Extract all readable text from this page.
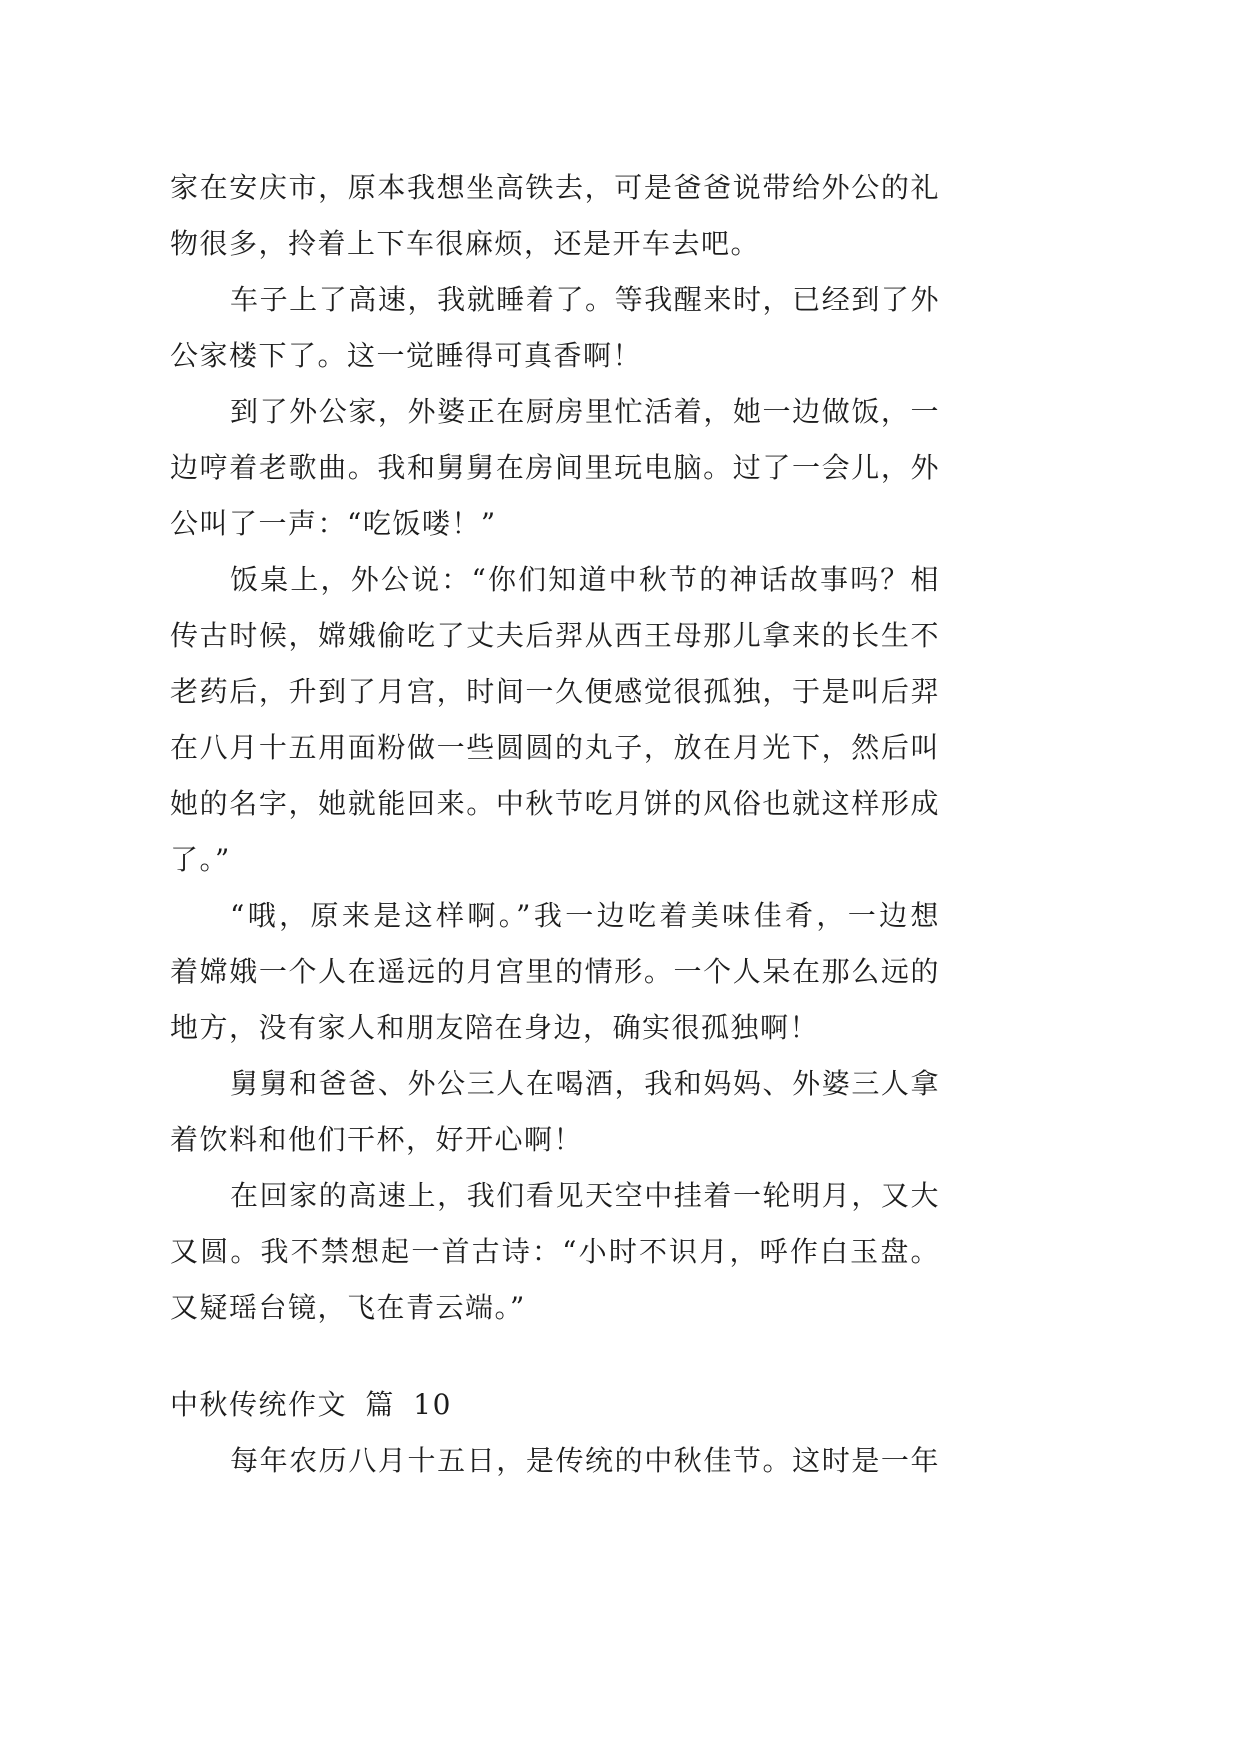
家在安庆市，原本我想坐高铁去，可是爸爸说带给外公的礼
物很多，拎着上下车很麻烦，还是开车去吧。
车子上了高速，我就睡着了。等我醒来时，已经到了外
公家楼下了。这一觉睡得可真香啊！
到了外公家，外婆正在厨房里忙活着，她一边做饭，一
边哼着老歌曲。我和舅舅在房间里玩电脑。过了一会儿，外
公叫了一声：“吃饭喽！”
饭桌上，外公说：“你们知道中秋节的神话故事吗？相
传古时候，嫦娥偷吃了丈夫后羿从西王母那儿拿来的长生不
老药后，升到了月宫，时间一久便感觉很孤独，于是叫后羿
在八月十五用面粉做一些圆圆的丸子，放在月光下，然后叫
她的名字，她就能回来。中秋节吃月饼的风俗也就这样形成
了。”
“哦，原来是这样啊。”我一边吃着美味佳肴，一边想
着嫦娥一个人在遥远的月宫里的情形。一个人呆在那么远的
地方，没有家人和朋友陪在身边，确实很孤独啊！
舅舅和爸爸、外公三人在喝酒，我和妈妈、外婆三人拿
着饮料和他们干杯，好开心啊！
在回家的高速上，我们看见天空中挂着一轮明月，又大
又圆。我不禁想起一首古诗：“小时不识月，呼作白玉盘。
又疑瑶台镜，飞在青云端。”
中秋传统作文 篇 10
每年农历八月十五日，是传统的中秋佳节。这时是一年
